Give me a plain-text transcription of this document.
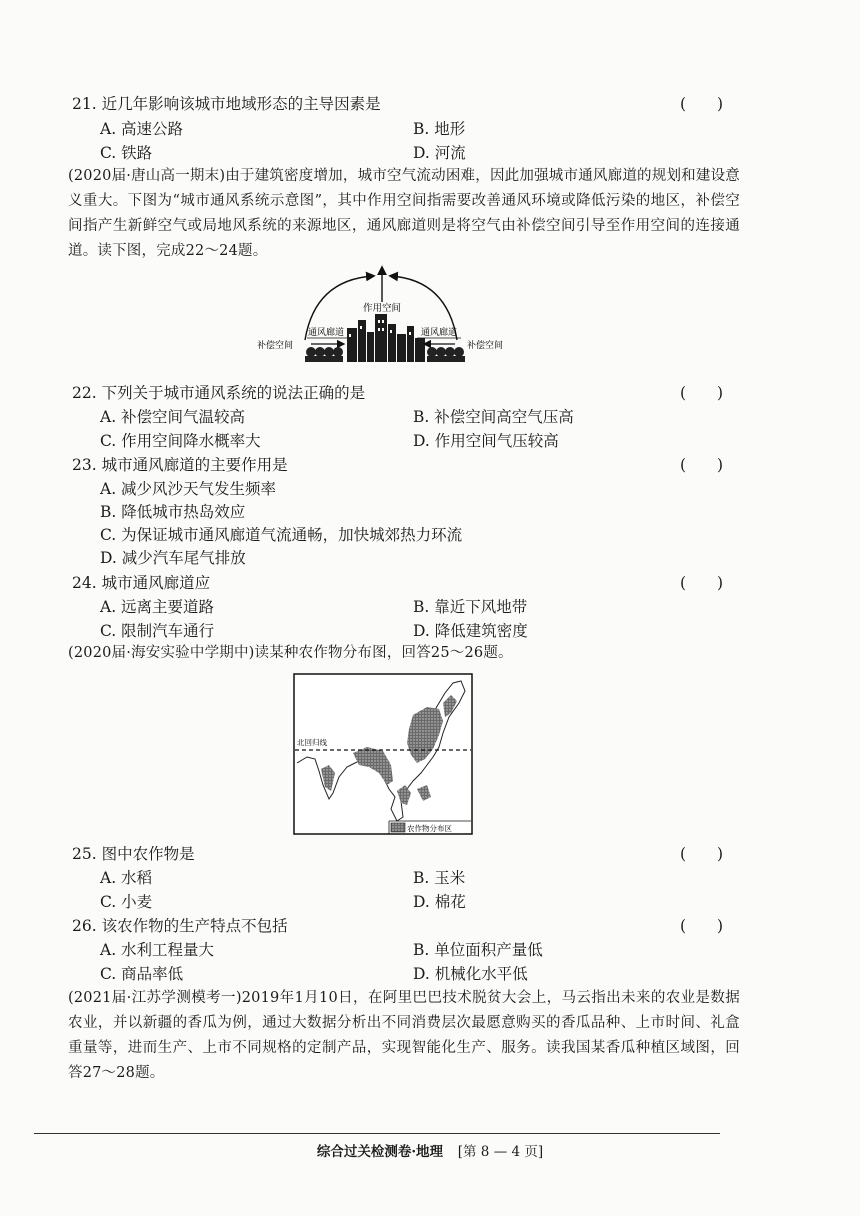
21. 近几年影响该城市地域形态的主导因素是	(　　)
A. 高速公路	B. 地形
C. 铁路	D. 河流
(2020届·唐山高一期末)由于建筑密度增加，城市空气流动困难，因此加强城市通风廊道的规划和建设意义重大。下图为“城市通风系统示意图”，其中作用空间指需要改善通风环境或降低污染的地区，补偿空间指产生新鲜空气或局地风系统的来源地区，通风廊道则是将空气由补偿空间引导至作用空间的连接通道。读下图，完成22～24题。
作用空间
通风廊道	通风廊道
补偿空间	补偿空间
22. 下列关于城市通风系统的说法正确的是	(　　)
A. 补偿空间气温较高	B. 补偿空间高空气压高
C. 作用空间降水概率大	D. 作用空间气压较高
23. 城市通风廊道的主要作用是	(　　)
A. 减少风沙天气发生频率
B. 降低城市热岛效应
C. 为保证城市通风廊道气流通畅，加快城郊热力环流
D. 减少汽车尾气排放
24. 城市通风廊道应	(　　)
A. 远离主要道路	B. 靠近下风地带
C. 限制汽车通行	D. 降低建筑密度
(2020届·海安实验中学期中)读某种农作物分布图，回答25～26题。
北回归线
农作物分布区
25. 图中农作物是	(　　)
A. 水稻	B. 玉米
C. 小麦	D. 棉花
26. 该农作物的生产特点不包括	(　　)
A. 水利工程量大	B. 单位面积产量低
C. 商品率低	D. 机械化水平低
(2021届·江苏学测模考一)2019年1月10日，在阿里巴巴技术脱贫大会上，马云指出未来的农业是数据农业，并以新疆的香瓜为例，通过大数据分析出不同消费层次最愿意购买的香瓜品种、上市时间、礼盒重量等，进而生产、上市不同规格的定制产品，实现智能化生产、服务。读我国某香瓜种植区域图，回答27～28题。
综合过关检测卷·地理 [第 8 — 4 页]
